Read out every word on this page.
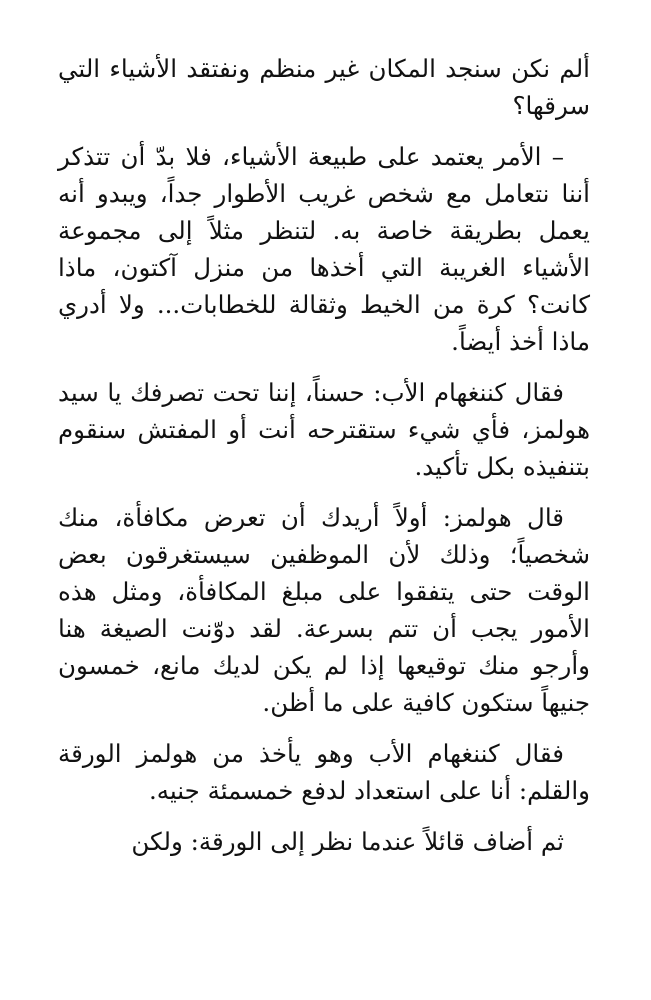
ألم نكن سنجد المكان غير منظم ونفتقد الأشياء التي سرقها؟

– الأمر يعتمد على طبيعة الأشياء، فلا بدّ أن تتذكر أننا نتعامل مع شخص غريب الأطوار جداً، ويبدو أنه يعمل بطريقة خاصة به. لتنظر مثلاً إلى مجموعة الأشياء الغريبة التي أخذها من منزل آكتون، ماذا كانت؟ كرة من الخيط وثقالة للخطابات... ولا أدري ماذا أخذ أيضاً.

فقال كننغهام الأب: حسناً، إننا تحت تصرفك يا سيد هولمز، فأي شيء ستقترحه أنت أو المفتش سنقوم بتنفيذه بكل تأكيد.

قال هولمز: أولاً أريدك أن تعرض مكافأة، منك شخصياً؛ وذلك لأن الموظفين سيستغرقون بعض الوقت حتى يتفقوا على مبلغ المكافأة، ومثل هذه الأمور يجب أن تتم بسرعة. لقد دوّنت الصيغة هنا وأرجو منك توقيعها إذا لم يكن لديك مانع، خمسون جنيهاً ستكون كافية على ما أظن.

فقال كننغهام الأب وهو يأخذ من هولمز الورقة والقلم: أنا على استعداد لدفع خمسمئة جنيه.

ثم أضاف قائلاً عندما نظر إلى الورقة: ولكن
